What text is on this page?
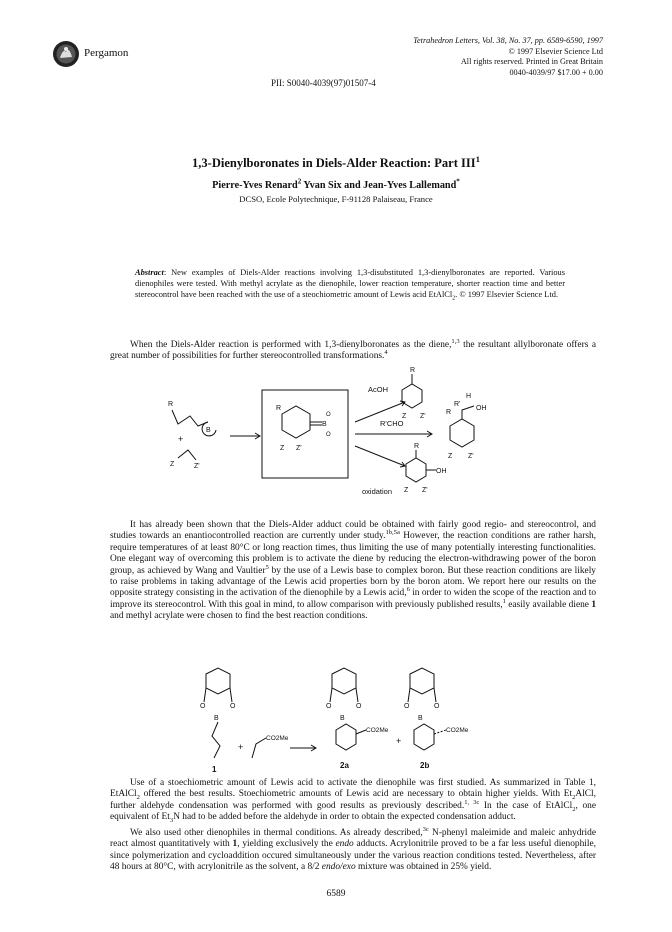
Pergamon
Tetrahedron Letters, Vol. 38, No. 37, pp. 6589-6590, 1997
© 1997 Elsevier Science Ltd
All rights reserved. Printed in Great Britain
0040-4039/97 $17.00 + 0.00
PII: S0040-4039(97)01507-4
1,3-Dienylboronates in Diels-Alder Reaction: Part III$^1$
Pierre-Yves Renard$^2$ Yvan Six and Jean-Yves Lallemand*
DCSO, Ecole Polytechnique, F-91128 Palaiseau, France
Abstract: New examples of Diels-Alder reactions involving 1,3-disubstituted 1,3-dienylboronates are reported. Various dienophiles were tested. With methyl acrylate as the dienophile, lower reaction temperature, shorter reaction time and better stereocontrol have been reached with the use of a steochiometric amount of Lewis acid EtAlCl$_2$. © 1997 Elsevier Science Ltd.
When the Diels-Alder reaction is performed with 1,3-dienylboronates as the diene,$^{1,3}$ the resultant allylboronate offers a great number of possibilities for further stereocontrolled transformations.$^4$
B
R
+
Z	Z'
B
O
O
R
Z Z'
AcOH
R'CHO
oxidation
R
Z Z'
R'
H
OH
R
Z Z'
R
OH
Z Z'
It has already been shown that the Diels-Alder adduct could be obtained with fairly good regio- and stereocontrol, and studies towards an enantiocontrolled reaction are currently under study.$^{1b,5a}$ However, the reaction conditions are rather harsh, require temperatures of at least 80°C or long reaction times, thus limiting the use of many potentially interesting functionalities. One elegant way of overcoming this problem is to activate the diene by reducing the electron-withdrawing power of the boron group, as achieved by Wang and Vaultier$^5$ by the use of a Lewis base to complex boron. But these reaction conditions are likely to raise problems in taking advantage of the Lewis acid properties born by the boron atom. We report here our results on the opposite strategy consisting in the activation of the dienophile by a Lewis acid,$^6$ in order to widen the scope of the reaction and to improve its stereocontrol. With this goal in mind, to allow comparison with previously published results,$^1$ easily available diene 1 and methyl acrylate were chosen to find the best reaction conditions.
O	O
B
1
+
CO2Me
O	O
B
CO2Me
2a
+
O	O
B
CO2Me
2b
Use of a stoechiometric amount of Lewis acid to activate the dienophile was first studied. As summarized in Table 1, EtAlCl$_2$ offered the best results. Stoechiometric amounts of Lewis acid are necessary to obtain higher yields. With $Et_2AlCl$, further aldehyde condensation was performed with good results as previously described.$^{1, 3c}$ In the case of EtAlCl$_2$, one equivalent of $Et_3N$ had to be added before the aldehyde in order to obtain the expected condensation adduct.
We also used other dienophiles in thermal conditions. As already described,$^{3c}$ N-phenyl maleimide and maleic anhydride react almost quantitatively with 1, yielding exclusively the endo adducts. Acrylonitrile proved to be a far less useful dienophile, since polymerization and cycloaddition occured simultaneously under the various reaction conditions tested. Nevertheless, after 48 hours at 80°C, with acrylonitrile as the solvent, a 8/2 endo/exo mixture was obtained in 25% yield.
6589
